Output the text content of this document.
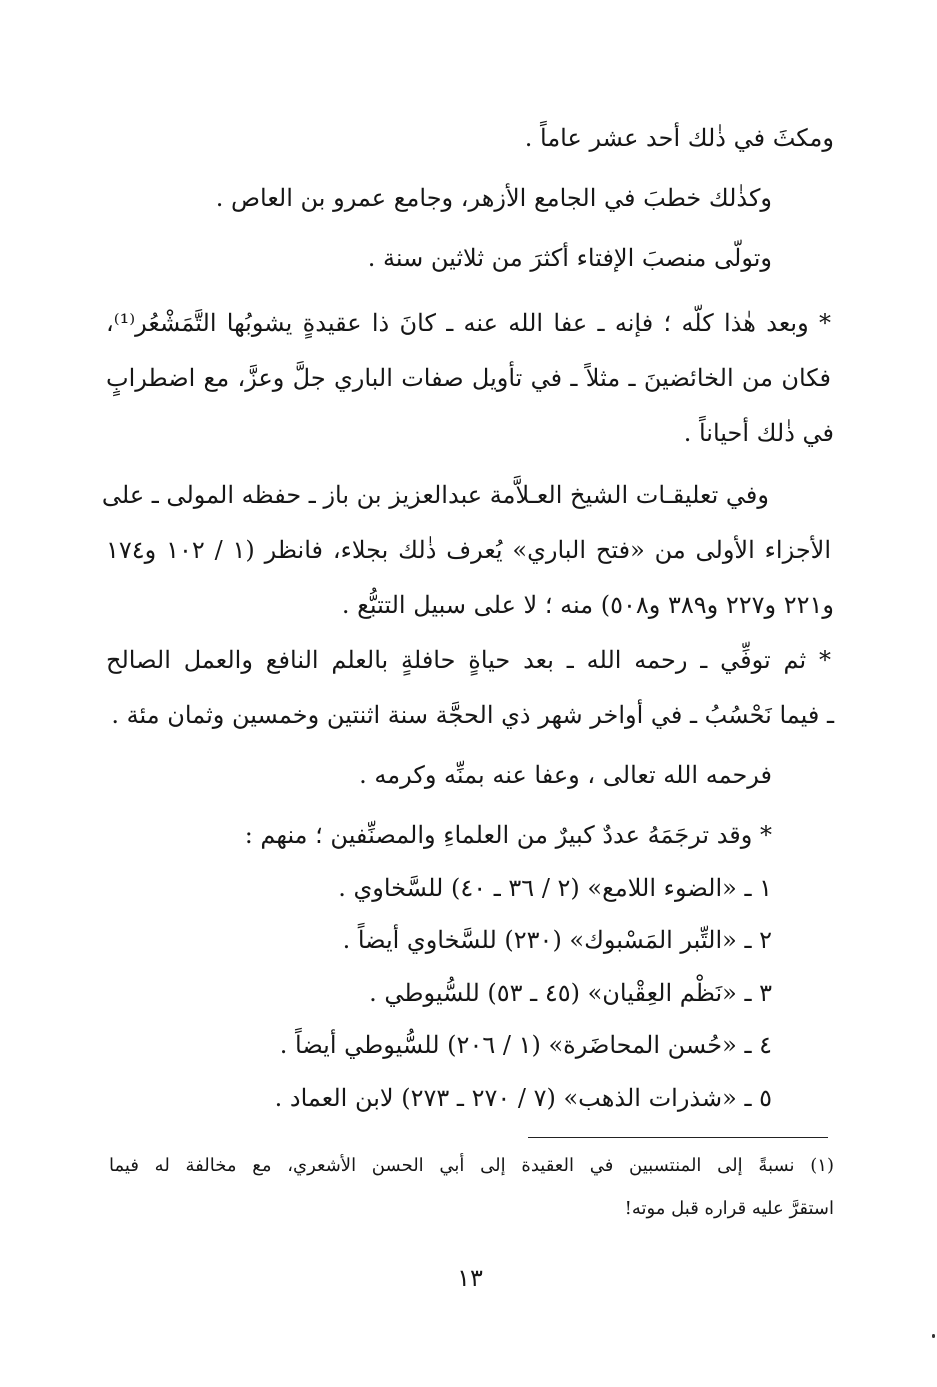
ومكثَ في ذٰلك أحد عشر عاماً .
وكذٰلك خطبَ في الجامع الأزهر، وجامع عمرو بن العاص .
وتولّى منصبَ الإفتاء أكثرَ من ثلاثين سنة .
* وبعد هٰذا كلّه ؛ فإنه ـ عفا الله عنه ـ كانَ ذا عقيدةٍ يشوبُها التَّمَشْعُر⁽¹⁾،
فكان من الخائضينَ ـ مثلاً ـ في تأويل صفات الباري جلَّ وعزَّ، مع اضطرابٍ
في ذٰلك أحياناً .
وفي تعليقـات الشيخ العـلاَّمة عبدالعزيز بن باز ـ حفظه المولى ـ على
الأجزاء الأولى من «فتح الباري» يُعرف ذٰلك بجلاء، فانظر (١ / ١٠٢ و١٧٤
و٢٢١ و٢٢٧ و٣٨٩ و٥٠٨) منه ؛ لا على سبيل التتبُّع .
* ثم توفِّي ـ رحمه الله ـ بعد حياةٍ حافلةٍ بالعلم النافع والعمل الصالح
ـ فيما نَحْسُبُ ـ في أواخر شهر ذي الحجَّة سنة اثنتين وخمسين وثمان مئة .
فرحمه الله تعالى ، وعفا عنه بمنِّه وكرمه .
* وقد ترجَمَهُ عددٌ كبيرٌ من العلماءِ والمصنِّفين ؛ منهم :
١ ـ «الضوء اللامع» (٢ / ٣٦ ـ ٤٠) للسَّخاوي .
٢ ـ «التِّبر المَسْبوك» (٢٣٠) للسَّخاوي أيضاً .
٣ ـ «نَظْم العِقْيان» (٤٥ ـ ٥٣) للسُّيوطي .
٤ ـ «حُسن المحاضَرة» (١ / ٢٠٦) للسُّيوطي أيضاً .
٥ ـ «شذرات الذهب» (٧ / ٢٧٠ ـ ٢٧٣) لابن العماد .
(١) نسبةً إلى المنتسبين في العقيدة إلى أبي الحسن الأشعري، مع مخالفة له فيما
استقرَّ عليه قراره قبل موته!
١٣
